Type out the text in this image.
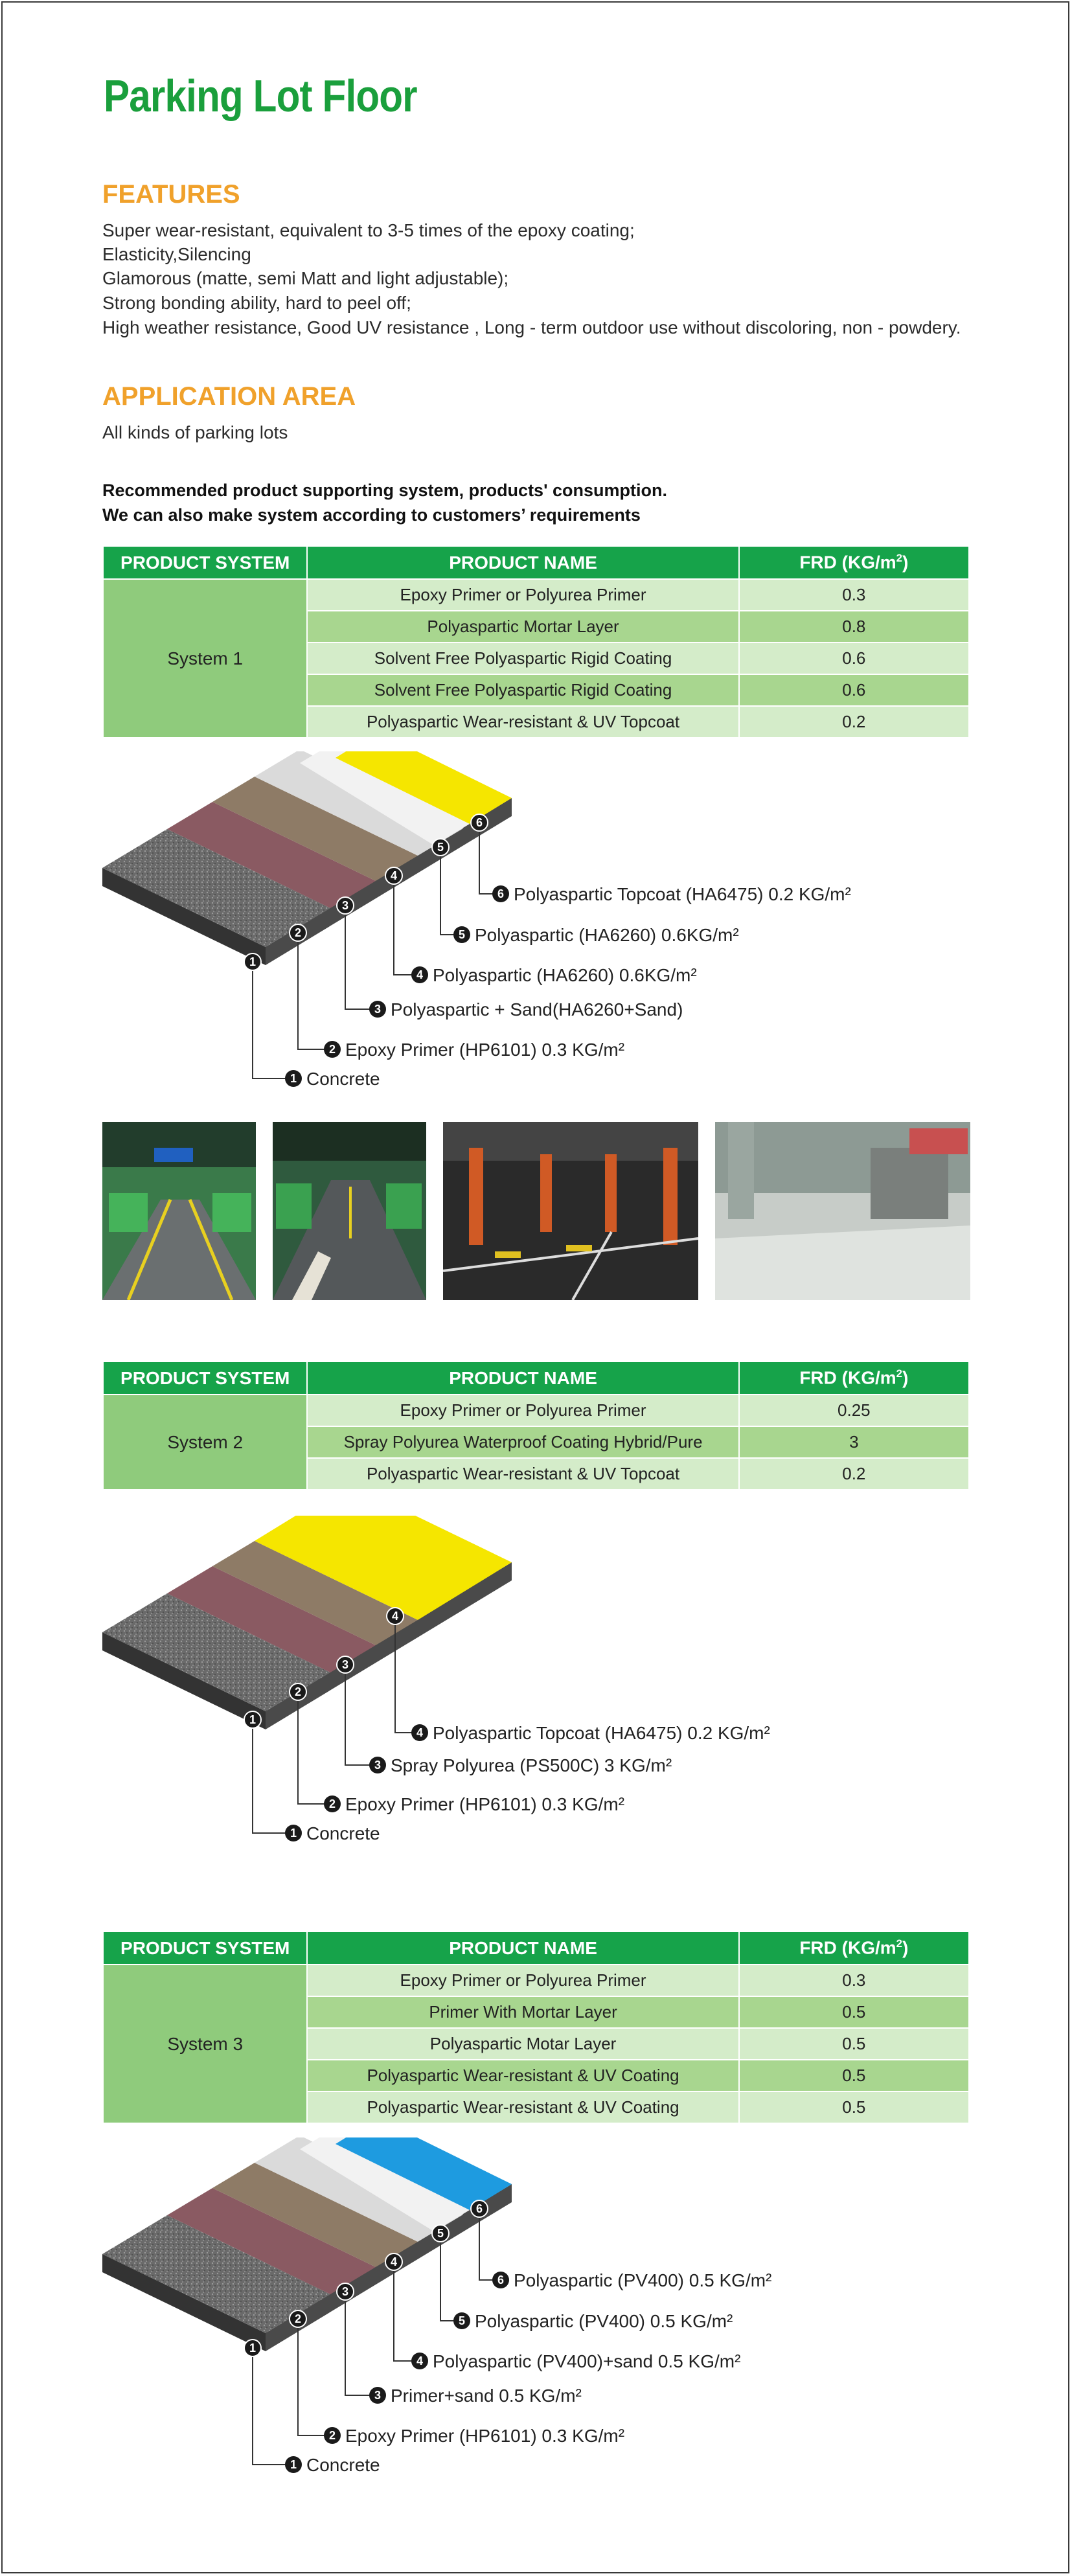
Parking Lot Floor
FEATURES
Super wear-resistant, equivalent to 3-5 times of the epoxy coating;
Elasticity,Silencing
Glamorous (matte, semi Matt and light adjustable);
Strong bonding ability, hard to peel off;
High weather resistance, Good UV resistance , Long - term outdoor use without discoloring, non - powdery.
APPLICATION AREA
All kinds of parking lots
Recommended product supporting system, products' consumption.
We can also make system according to customers’ requirements
PRODUCT SYSTEM	PRODUCT NAME	FRD $(KG/m^2)$
System 1	Epoxy Primer or Polyurea Primer	0.3
	Polyaspartic Mortar Layer	0.8
	Solvent Free Polyaspartic Rigid Coating	0.6
	Solvent Free Polyaspartic Rigid Coating	0.6
	Polyaspartic Wear-resistant & UV Topcoat	0.2
1
2
3
4
5
6
1
2
3
4
5
6
Concrete
Epoxy Primer (HP6101) 0.3 KG/m²
Polyaspartic + Sand(HA6260+Sand)
Polyaspartic (HA6260) 0.6KG/m²
Polyaspartic (HA6260) 0.6KG/m²
Polyaspartic Topcoat (HA6475) 0.2 KG/m²
PRODUCT SYSTEM	PRODUCT NAME	FRD $(KG/m^2)$
System 2	Epoxy Primer or Polyurea Primer	0.25
	Spray Polyurea Waterproof Coating Hybrid/Pure	3
	Polyaspartic Wear-resistant & UV Topcoat	0.2
1
2
3
4
1
2
3
4
Concrete
Epoxy Primer (HP6101) 0.3 KG/m²
Spray Polyurea (PS500C) 3 KG/m²
Polyaspartic Topcoat (HA6475) 0.2 KG/m²
PRODUCT SYSTEM	PRODUCT NAME	FRD $(KG/m^2)$
System 3	Epoxy Primer or Polyurea Primer	0.3
	Primer With Mortar Layer	0.5
	Polyaspartic Motar Layer	0.5
	Polyaspartic Wear-resistant & UV Coating	0.5
	Polyaspartic Wear-resistant & UV Coating	0.5
1
2
3
4
5
6
1
2
3
4
5
6
Concrete
Epoxy Primer (HP6101) 0.3 KG/m²
Primer+sand 0.5 KG/m²
Polyaspartic (PV400)+sand 0.5 KG/m²
Polyaspartic (PV400) 0.5 KG/m²
Polyaspartic (PV400) 0.5 KG/m²
